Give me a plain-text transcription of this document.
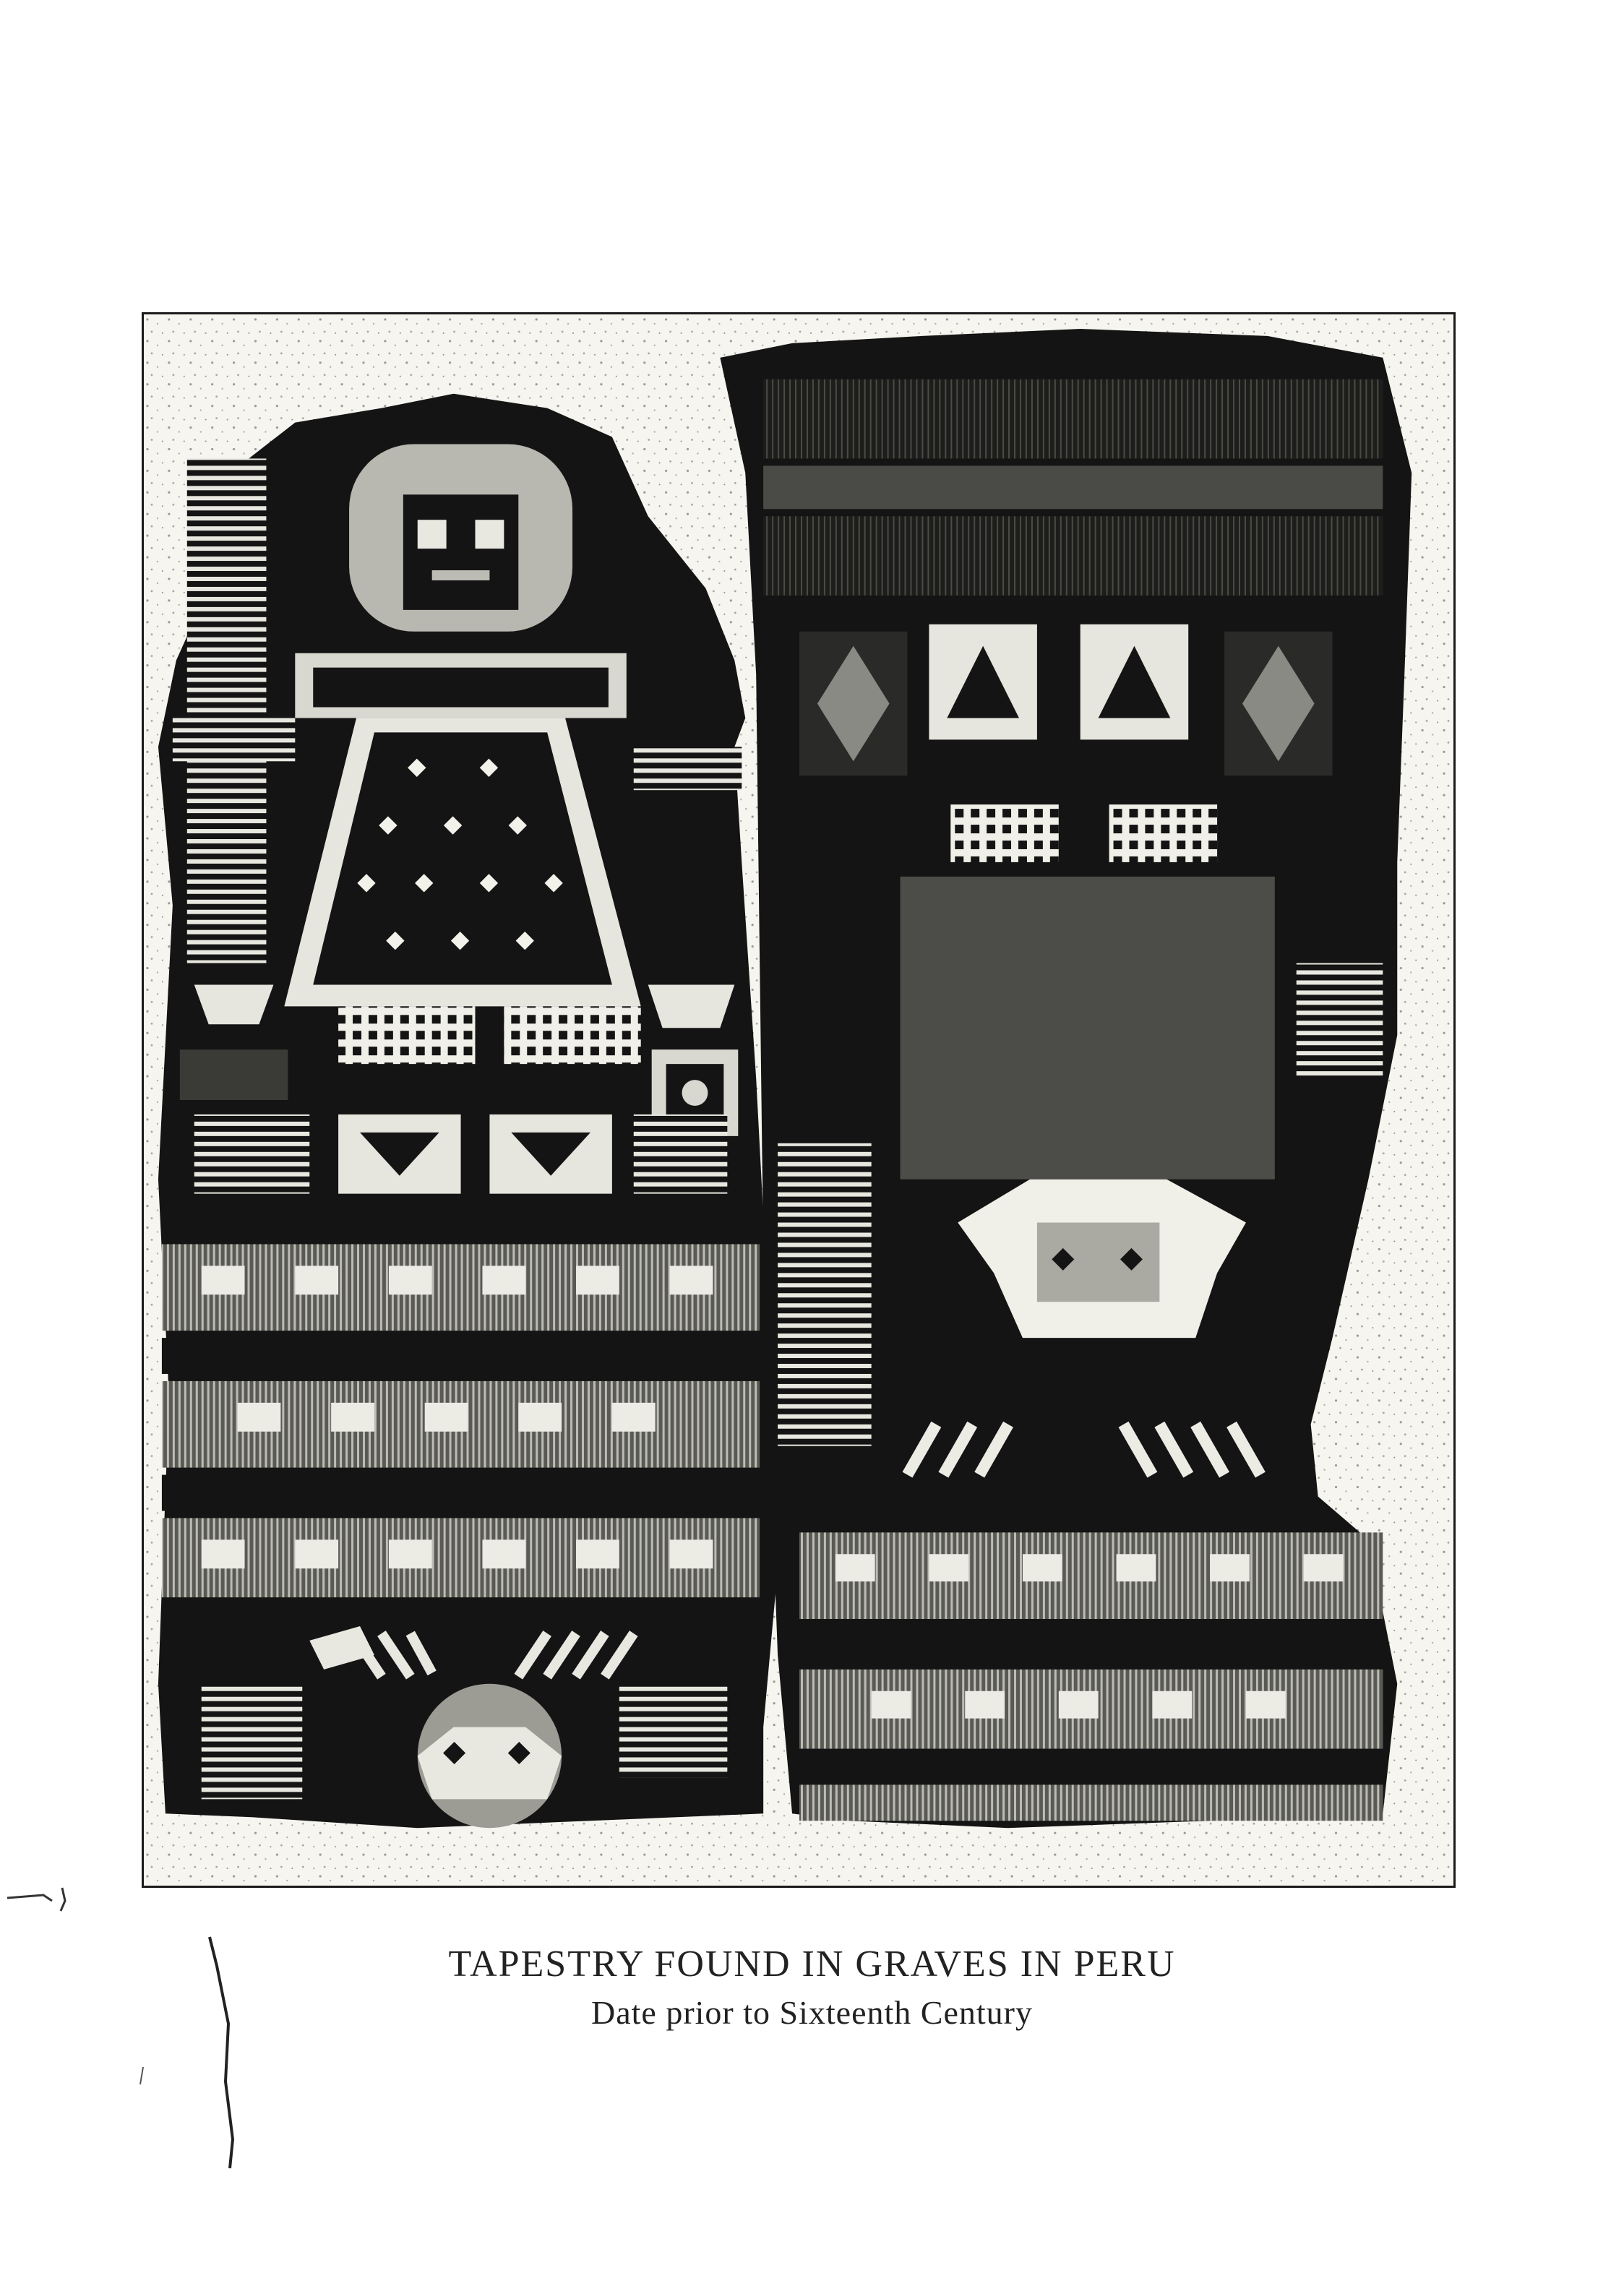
TAPESTRY FOUND IN GRAVES IN PERU
Date prior to Sixteenth Century
